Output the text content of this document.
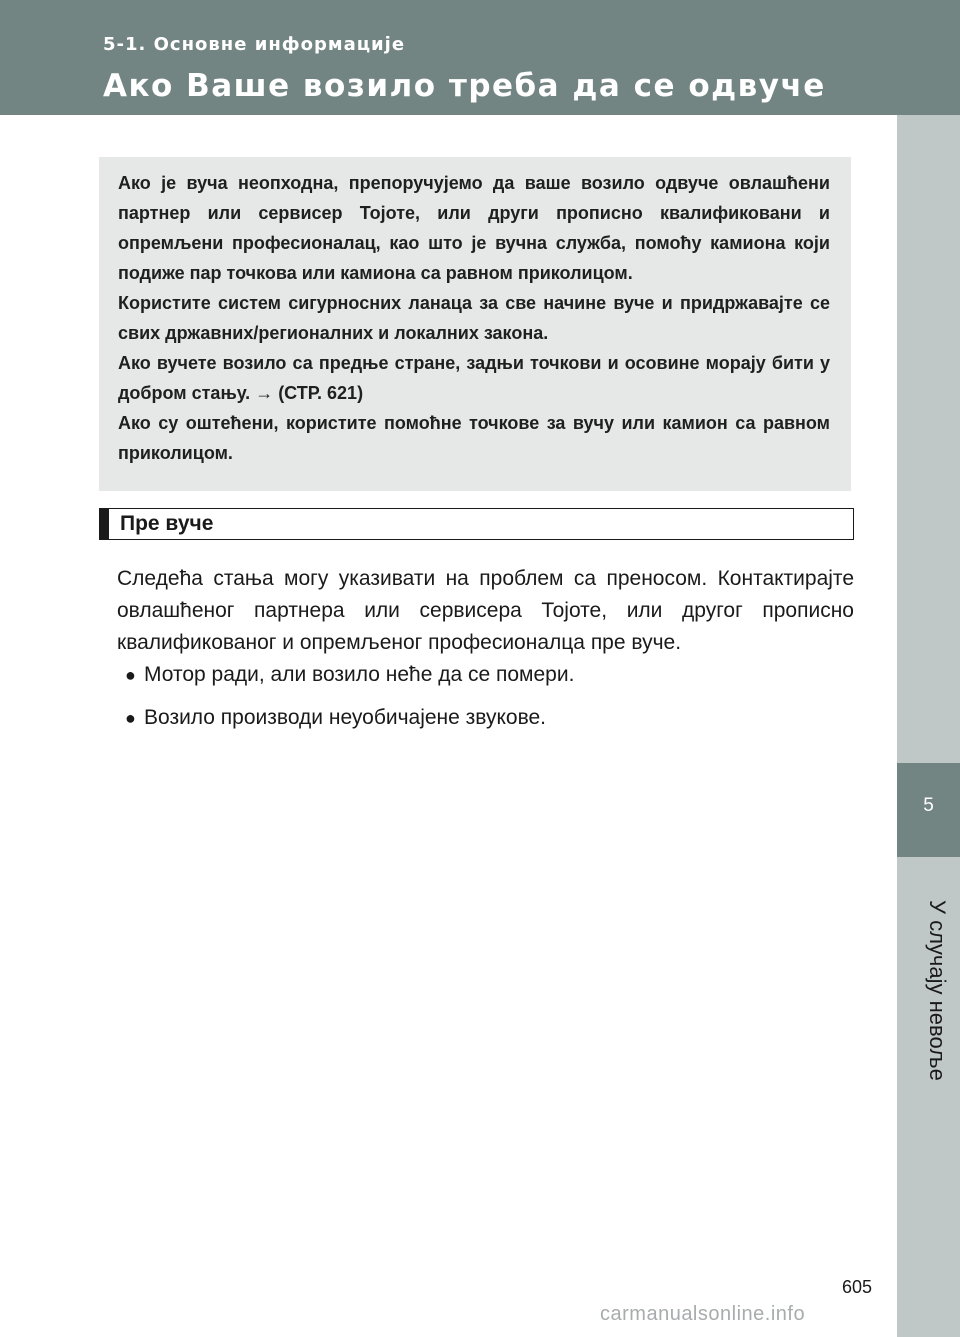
5-1. Основне информације
Ако Ваше возило треба да се одвуче
5
У случају невоље

Ако је вуча неопходна, препоручујемо да ваше возило одвуче овлашћени партнер или сервисер Тојоте, или други прописно квалификовани и опремљени професионалац, као што је вучна служба, помоћу камиона који подиже пар точкова или камиона са равном приколицом.

Користите систем сигурносних ланаца за све начине вуче и придржавајте се свих државних/регионалних и локалних закона.

Ако вучете возило са предње стране, задњи точкови и осовине морају бити у добром стању. → (СТР. 621)

Ако су оштећени, користите помоћне точкове за вучу или камион са равном приколицом.

Пре вуче

Следећа стања могу указивати на проблем са преносом. Контактирајте овлашћеног партнера или сервисера Тојоте, или другог прописно квалификованог и опремљеног професионалца пре вуче.

● Мотор ради, али возило неће да се помери.
● Возило производи неуобичајене звукове.
605
carmanualsonline.info
